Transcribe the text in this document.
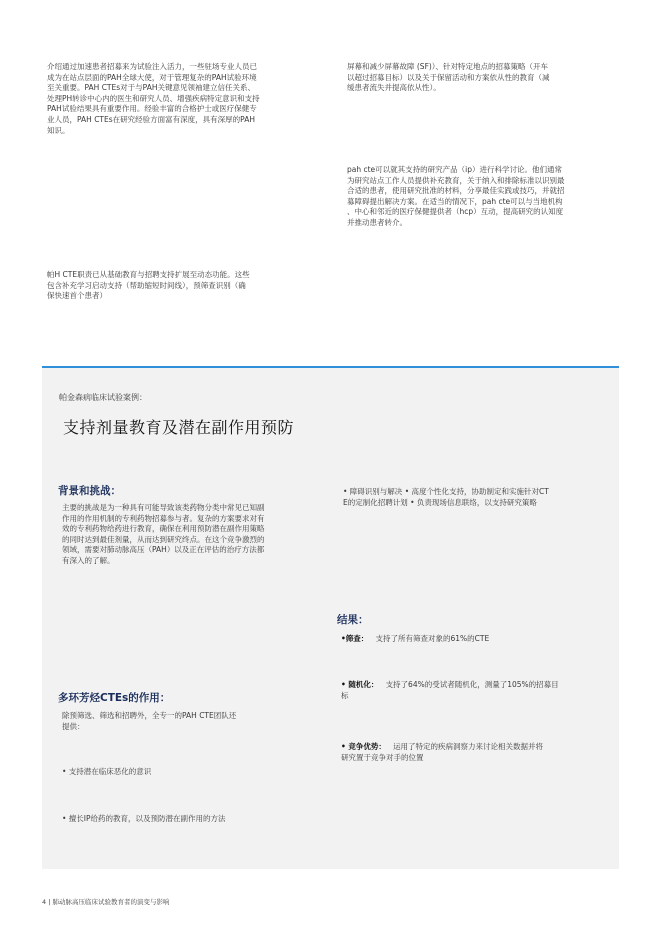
介绍通过加速患者招募来为试验注入活力，一些驻场专业人员已
成为在站点层面的PAH全球大使，对于管理复杂的PAH试验环境
至关重要。PAH CTEs对于与PAH关键意见领袖建立信任关系、
处理PH转诊中心内的医生和研究人员、增强疾病特定意识和支持
PAH试验结果具有重要作用。经验丰富的合格护士或医疗保健专
业人员，PAH CTEs在研究经验方面富有深度，具有深厚的PAH
知识。
屏幕和减少屏幕故障 (SF)）、针对特定地点的招募策略（开车
以超过招募目标）以及关于保留活动和方案依从性的教育（减
缓患者流失并提高依从性）。
pah cte可以就其支持的研究产品（ip）进行科学讨论。他们通常
为研究站点工作人员提供补充教育，关于纳入和排除标准以识别最
合适的患者，使用研究批准的材料，分享最佳实践或技巧，并就招
募障碍提出解决方案。在适当的情况下，pah cte可以与当地机构
、中心和邻近的医疗保健提供者（hcp）互动，提高研究的认知度
并推动患者转介。
帕H CTE职责已从基础教育与招聘支持扩展至动态功能。这些
包含补充学习启动支持（帮助缩短时间线），预筛查识别（确
保快速首个患者）
帕金森病临床试验案例：
支持剂量教育及潜在副作用预防
背景和挑战：
主要的挑战是为一种具有可能导致该类药物分类中常见已知副
作用的作用机制的专利药物招募参与者。复杂的方案要求对有
效的专利药物给药进行教育，确保在利用预防潜在副作用策略
的同时达到最佳剂量，从而达到研究终点。在这个竞争激烈的
领域，需要对肺动脉高压（PAH）以及正在评估的治疗方法都
有深入的了解。
• 障碍识别与解决 • 高度个性化支持，协助制定和实施针对CT
E的定制化招聘计划 • 负责现场信息联络，以支持研究策略
结果：
•筛查： 支持了所有筛查对象的61%的CTE
• 随机化： 支持了64%的受试者随机化，测量了105%的招募目
标
• 竞争优势： 运用了特定的疾病洞察力来讨论相关数据并将
研究置于竞争对手的位置
多环芳烃CTEs的作用：
除预筛选、筛选和招聘外，全专一的PAH CTE团队还
提供：
• 支持潜在临床恶化的意识
• 擅长IP给药的教育，以及预防潜在副作用的方法
4 | 肺动脉高压临床试验教育者的演变与影响
